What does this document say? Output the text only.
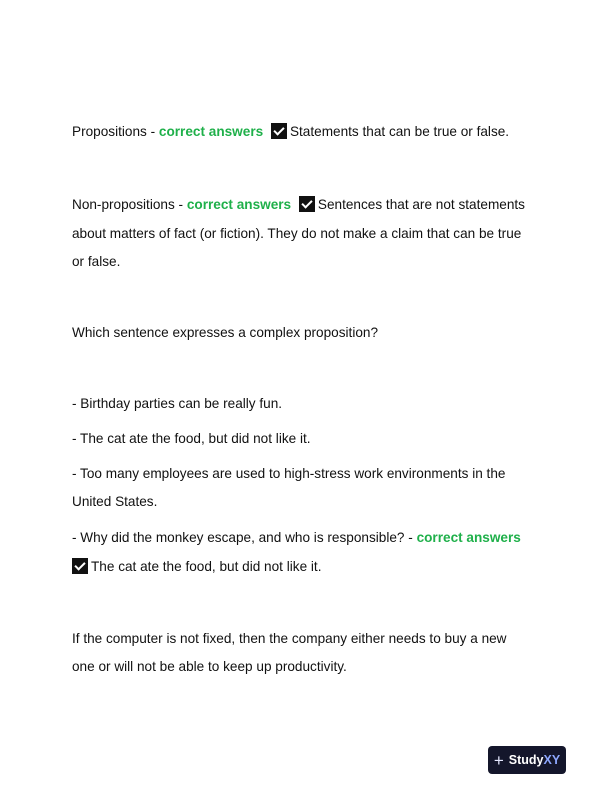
Propositions - correct answers Statements that can be true or false.
Non-propositions - correct answers Sentences that are not statements
about matters of fact (or fiction). They do not make a claim that can be true
or false.
Which sentence expresses a complex proposition?
- Birthday parties can be really fun.
- The cat ate the food, but did not like it.
- Too many employees are used to high-stress work environments in the
United States.
- Why did the monkey escape, and who is responsible? - correct answers
The cat ate the food, but did not like it.
If the computer is not fixed, then the company either needs to buy a new
one or will not be able to keep up productivity.
+ StudyXY
